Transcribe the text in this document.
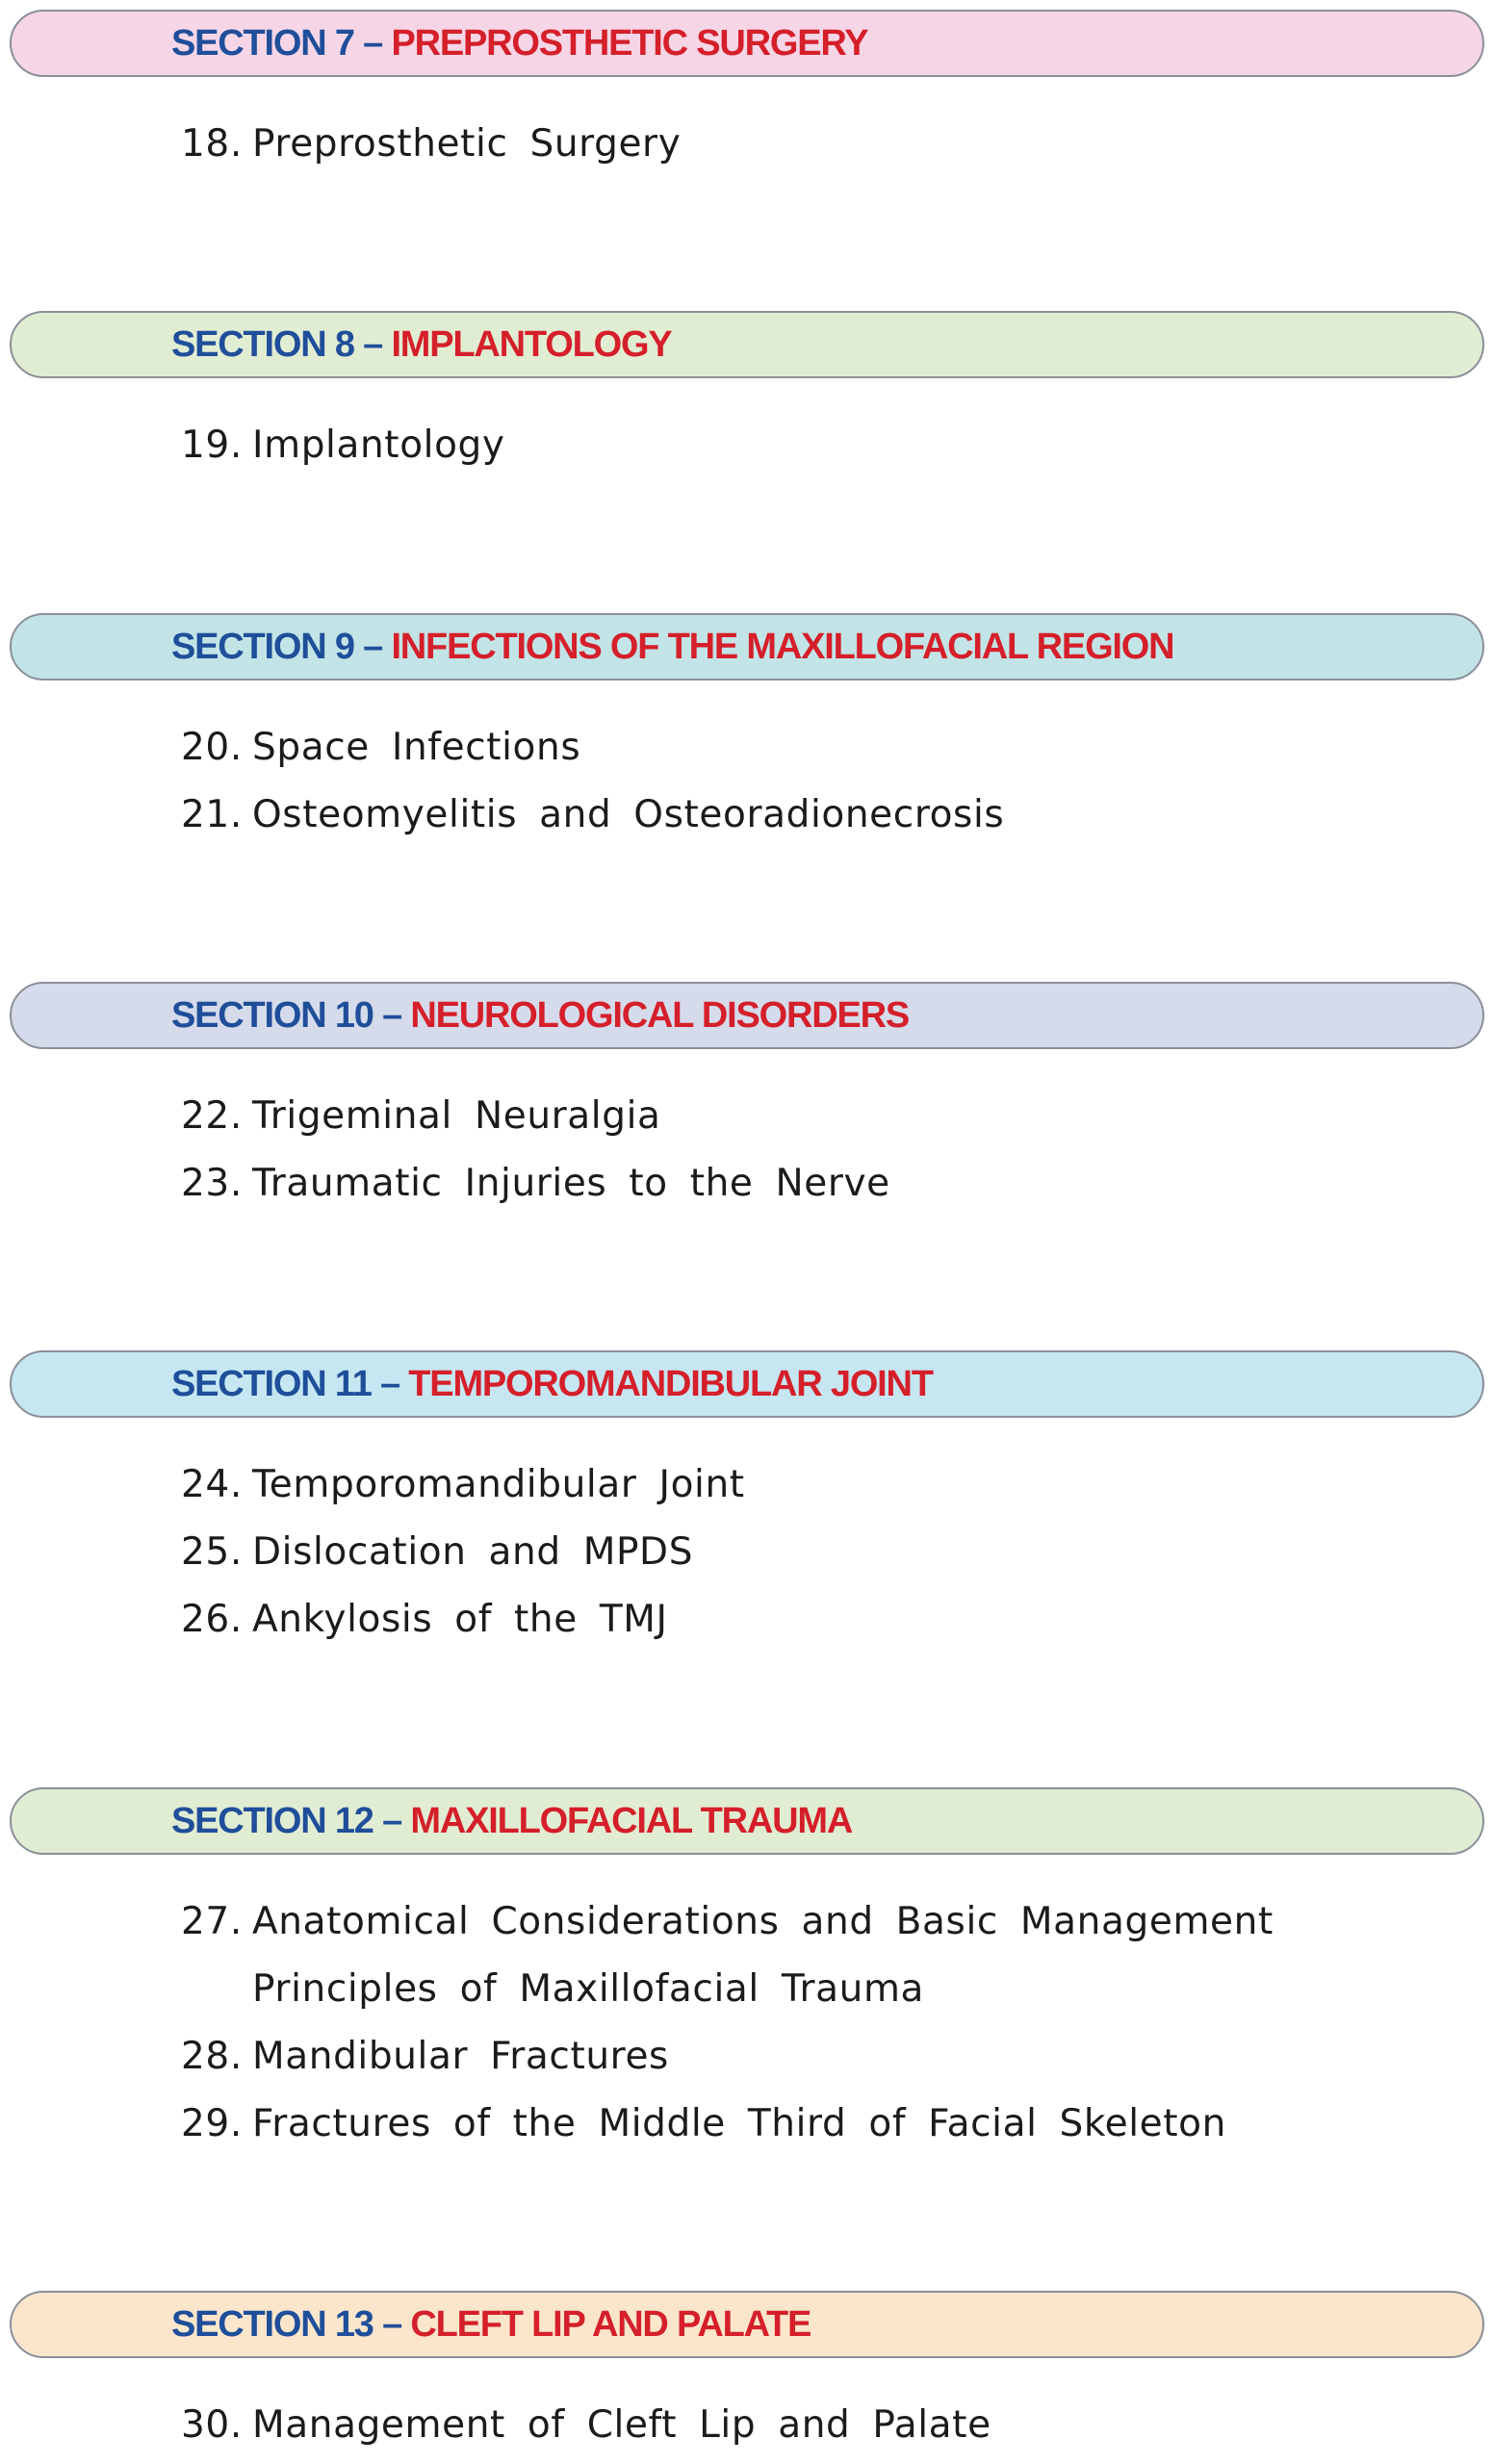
SECTION 7 – PREPROSTHETIC SURGERY
18. Preprosthetic Surgery
SECTION 8 – IMPLANTOLOGY
19. Implantology
SECTION 9 – INFECTIONS OF THE MAXILLOFACIAL REGION
20. Space Infections
21. Osteomyelitis and Osteoradionecrosis
SECTION 10 – NEUROLOGICAL DISORDERS
22. Trigeminal Neuralgia
23. Traumatic Injuries to the Nerve
SECTION 11 – TEMPOROMANDIBULAR JOINT
24. Temporomandibular Joint
25. Dislocation and MPDS
26. Ankylosis of the TMJ
SECTION 12 – MAXILLOFACIAL TRAUMA
27. Anatomical Considerations and Basic Management
Principles of Maxillofacial Trauma
28. Mandibular Fractures
29. Fractures of the Middle Third of Facial Skeleton
SECTION 13 – CLEFT LIP AND PALATE
30. Management of Cleft Lip and Palate
